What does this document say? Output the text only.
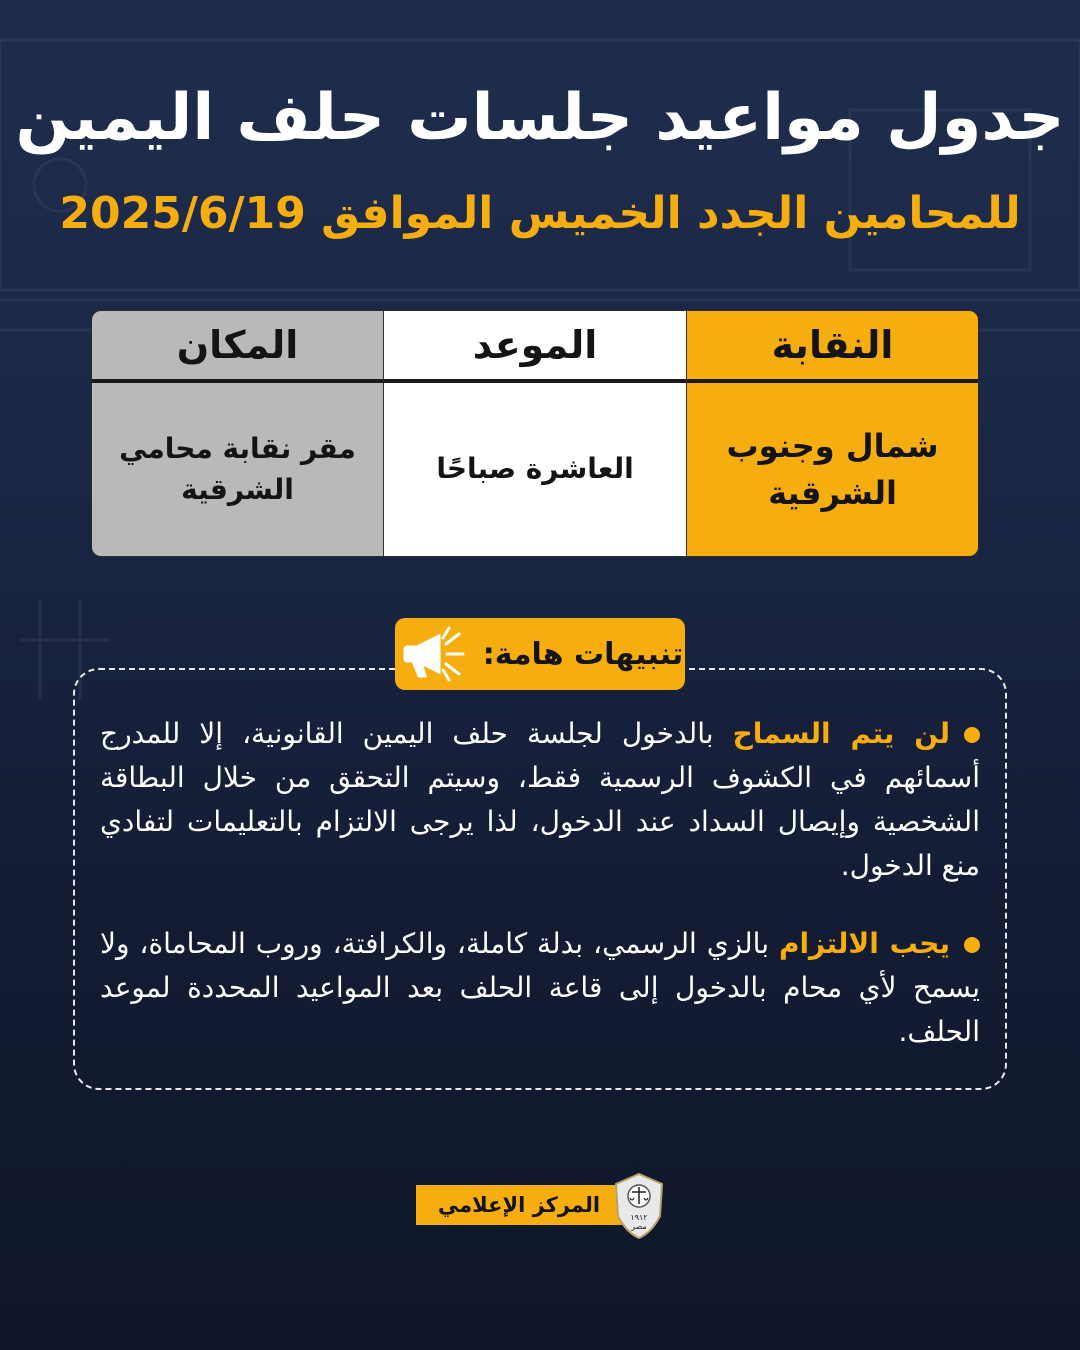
جدول مواعيد جلسات حلف اليمين
للمحامين الجدد الخميس الموافق 2025/6/19
النقابة
الموعد
المكان
شمال وجنوب الشرقية
العاشرة صباحًا
مقر نقابة محامي الشرقية
تنبيهات هامة:
لن يتم السماح بالدخول لجلسة حلف اليمين القانونية، إلا للمدرج أسمائهم في الكشوف الرسمية فقط، وسيتم التحقق من خلال البطاقة الشخصية وإيصال السداد عند الدخول، لذا يرجى الالتزام بالتعليمات لتفادي منع الدخول.
يجب الالتزام بالزي الرسمي، بدلة كاملة، والكرافتة، وروب المحاماة، ولا يسمح لأي محام بالدخول إلى قاعة الحلف بعد المواعيد المحددة لموعد الحلف.
المركز الإعلامي
١٩١٢
مصر
